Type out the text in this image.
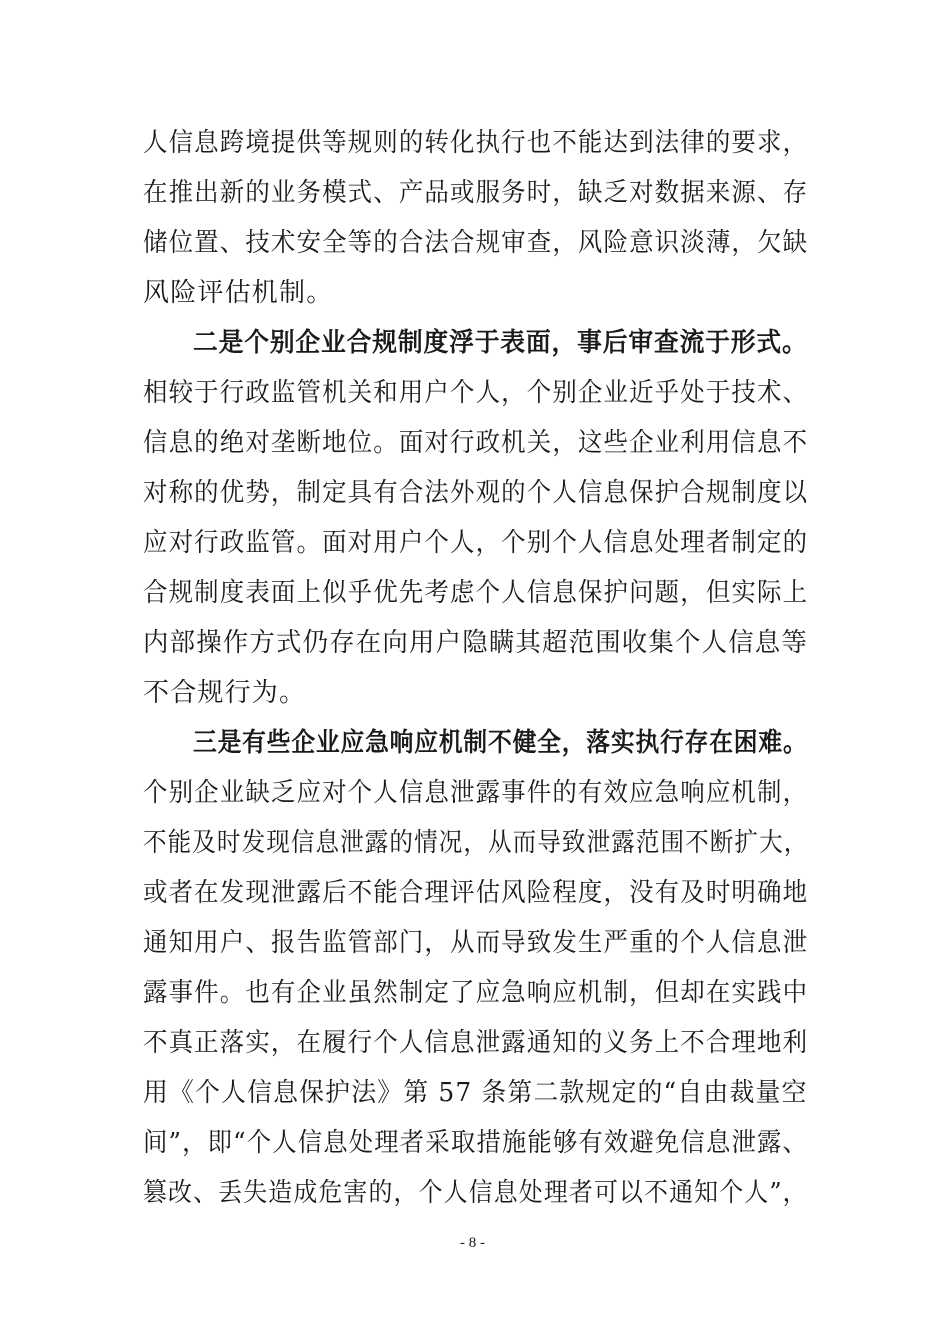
人信息跨境提供等规则的转化执行也不能达到法律的要求，
在推出新的业务模式、产品或服务时，缺乏对数据来源、存
储位置、技术安全等的合法合规审查，风险意识淡薄，欠缺
风险评估机制。
二是个别企业合规制度浮于表面，事后审查流于形式。
相较于行政监管机关和用户个人，个别企业近乎处于技术、
信息的绝对垄断地位。面对行政机关，这些企业利用信息不
对称的优势，制定具有合法外观的个人信息保护合规制度以
应对行政监管。面对用户个人，个别个人信息处理者制定的
合规制度表面上似乎优先考虑个人信息保护问题，但实际上
内部操作方式仍存在向用户隐瞒其超范围收集个人信息等
不合规行为。
三是有些企业应急响应机制不健全，落实执行存在困难。
个别企业缺乏应对个人信息泄露事件的有效应急响应机制，
不能及时发现信息泄露的情况，从而导致泄露范围不断扩大，
或者在发现泄露后不能合理评估风险程度，没有及时明确地
通知用户、报告监管部门，从而导致发生严重的个人信息泄
露事件。也有企业虽然制定了应急响应机制，但却在实践中
不真正落实，在履行个人信息泄露通知的义务上不合理地利
用《个人信息保护法》第 57 条第二款规定的“自由裁量空
间”，即“个人信息处理者采取措施能够有效避免信息泄露、
篡改、丢失造成危害的，个人信息处理者可以不通知个人”，
- 8 -
